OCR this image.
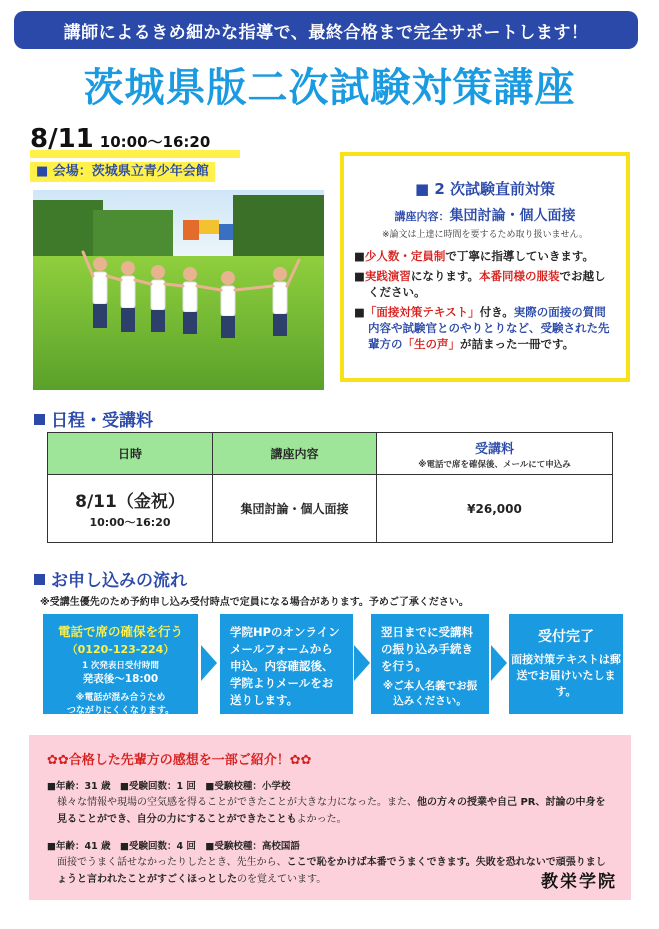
講師によるきめ細かな指導で、最終合格まで完全サポートします！
茨城県版二次試験対策講座
8/11 10:00〜16:20
■ 会場：茨城県立青少年会館
■ 2 次試験直前対策
講座内容：集団討論・個人面接
※論文は上達に時間を要するため取り扱いません。
■少人数・定員制で丁寧に指導していきます。
■実践演習になります。本番同様の服装でお越しください。
■「面接対策テキスト」付き。実際の面接の質問内容や試験官とのやりとりなど、受験された先輩方の「生の声」が詰まった一冊です。
日程・受講料
日時	講座内容	受講料
※電話で席を確保後、メールにて申込み

8/11（金祝）
10:00〜16:20	集団討論・個人面接	¥26,000
お申し込みの流れ
※受講生優先のため予約申し込み受付時点で定員になる場合があります。予めご了承ください。
電話で席の確保を行う
（0120-123-224）
1 次発表日受付時間
発表後〜18:00
※電話が混み合うため
つながりにくくなります。
学院HPのオンラインメールフォームから申込。内容確認後、学院よりメールをお送りします。
翌日までに受講料の振り込み手続きを行う。
※ご本人名義でお振込みください。
受付完了
面接対策テキストは郵送でお届けいたします。
✿✿合格した先輩方の感想を一部ご紹介！✿✿
■年齢：31 歳　■受験回数：1 回　■受験校種：小学校
様々な情報や現場の空気感を得ることができたことが大きな力になった。また、他の方々の授業や自己 PR、討論の中身を見ることができ、自分の力にすることができたこともよかった。
■年齢：41 歳　■受験回数：4 回　■受験校種：高校国語
面接でうまく話せなかったりしたとき、先生から、ここで恥をかけば本番でうまくできます。失敗を恐れないで頑張りましょうと言われたことがすごくほっとしたのを覚えています。	教栄学院
